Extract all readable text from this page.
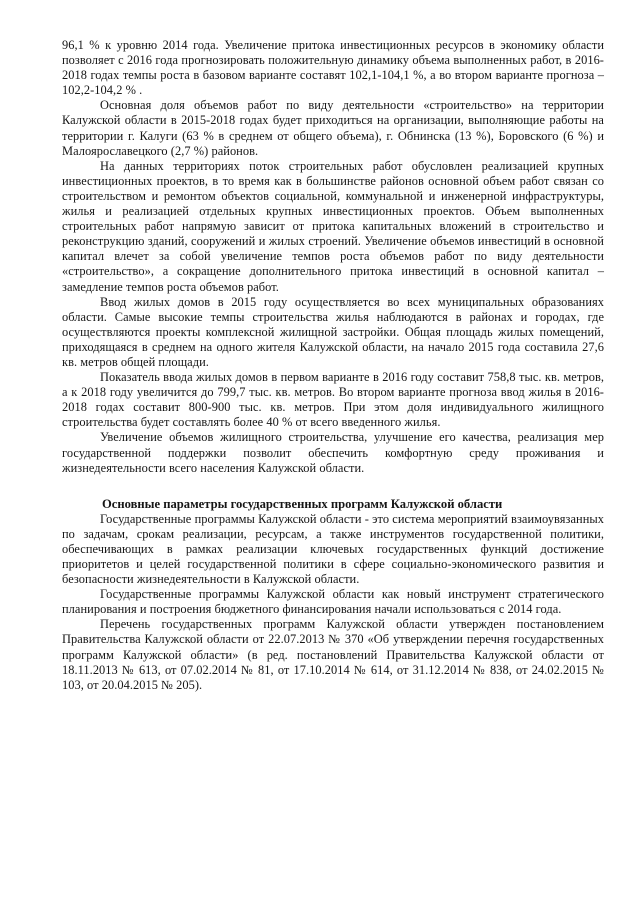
96,1 % к уровню 2014 года. Увеличение притока инвестиционных ресурсов в экономику области позволяет с 2016 года прогнозировать положительную динамику объема выполненных работ, в 2016-2018 годах темпы роста в базовом варианте составят 102,1-104,1 %, а во втором варианте прогноза – 102,2-104,2 % .

Основная доля объемов работ по виду деятельности «строительство» на территории Калужской области в 2015-2018 годах будет приходиться на организации, выполняющие работы на территории г. Калуги (63 % в среднем от общего объема), г. Обнинска (13 %), Боровского (6 %) и Малоярославецкого (2,7 %) районов.

На данных территориях поток строительных работ обусловлен реализацией крупных инвестиционных проектов, в то время как в большинстве районов основной объем работ связан со строительством и ремонтом объектов социальной, коммунальной и инженерной инфраструктуры, жилья и реализацией отдельных крупных инвестиционных проектов. Объем выполненных строительных работ напрямую зависит от притока капитальных вложений в строительство и реконструкцию зданий, сооружений и жилых строений. Увеличение объемов инвестиций в основной капитал влечет за собой увеличение темпов роста объемов работ по виду деятельности «строительство», а сокращение дополнительного притока инвестиций в основной капитал – замедление темпов роста объемов работ.

Ввод жилых домов в 2015 году осуществляется во всех муниципальных образованиях области. Самые высокие темпы строительства жилья наблюдаются в районах и городах, где осуществляются проекты комплексной жилищной застройки. Общая площадь жилых помещений, приходящаяся в среднем на одного жителя Калужской области, на начало 2015 года составила 27,6 кв. метров общей площади.

Показатель ввода жилых домов в первом варианте в 2016 году составит 758,8 тыс. кв. метров, а к 2018 году увеличится до 799,7 тыс. кв. метров. Во втором варианте прогноза ввод жилья в 2016-2018 годах составит 800-900 тыс. кв. метров. При этом доля индивидуального жилищного строительства будет составлять более 40 % от всего введенного жилья.

Увеличение объемов жилищного строительства, улучшение его качества, реализация мер государственной поддержки позволит обеспечить комфортную среду проживания и жизнедеятельности всего населения Калужской области.

Основные параметры государственных программ Калужской области

Государственные программы Калужской области - это система мероприятий взаимоувязанных по задачам, срокам реализации, ресурсам, а также инструментов государственной политики, обеспечивающих в рамках реализации ключевых государственных функций достижение приоритетов и целей государственной политики в сфере социально-экономического развития и безопасности жизнедеятельности в Калужской области.

Государственные программы Калужской области как новый инструмент стратегического планирования и построения бюджетного финансирования начали использоваться с 2014 года.

Перечень государственных программ Калужской области утвержден постановлением Правительства Калужской области от 22.07.2013 № 370 «Об утверждении перечня государственных программ Калужской области» (в ред. постановлений Правительства Калужской области от 18.11.2013 № 613, от 07.02.2014 № 81, от 17.10.2014 № 614, от 31.12.2014 № 838, от 24.02.2015 № 103, от 20.04.2015 № 205).
